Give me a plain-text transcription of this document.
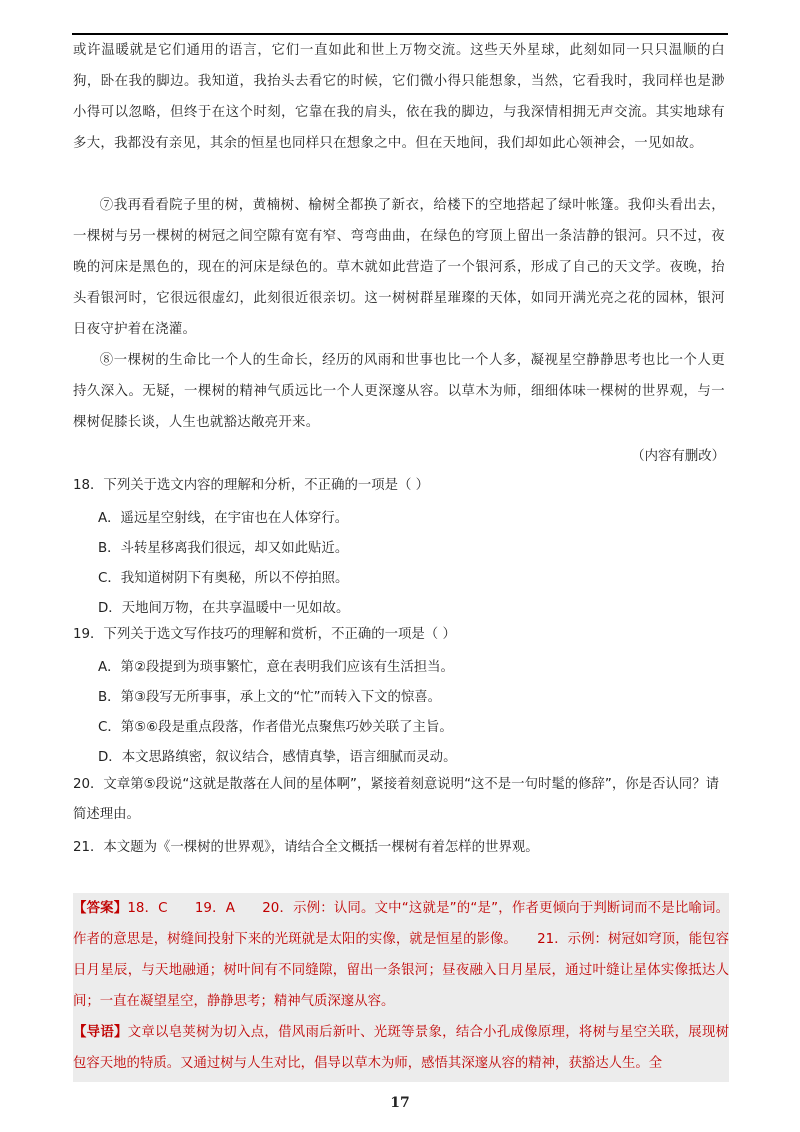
或许温暖就是它们通用的语言，它们一直如此和世上万物交流。这些天外星球，此刻如同一只只温顺的白狗，卧在我的脚边。我知道，我抬头去看它的时候，它们微小得只能想象，当然，它看我时，我同样也是渺小得可以忽略，但终于在这个时刻，它靠在我的肩头，依在我的脚边，与我深情相拥无声交流。其实地球有多大，我都没有亲见，其余的恒星也同样只在想象之中。但在天地间，我们却如此心领神会，一见如故。

⑦我再看看院子里的树，黄楠树、榆树全都换了新衣，给楼下的空地搭起了绿叶帐篷。我仰头看出去，一棵树与另一棵树的树冠之间空隙有宽有窄、弯弯曲曲，在绿色的穹顶上留出一条洁静的银河。只不过，夜晚的河床是黑色的，现在的河床是绿色的。草木就如此营造了一个银河系，形成了自己的天文学。夜晚，抬头看银河时，它很远很虚幻，此刻很近很亲切。这一树树群星璀璨的天体，如同开满光亮之花的园林，银河日夜守护着在浇灌。

⑧一棵树的生命比一个人的生命长，经历的风雨和世事也比一个人多，凝视星空静静思考也比一个人更持久深入。无疑，一棵树的精神气质远比一个人更深邃从容。以草木为师，细细体味一棵树的世界观，与一棵树促膝长谈，人生也就豁达敞亮开来。

（内容有删改）

18．下列关于选文内容的理解和分析，不正确的一项是（ ）

A．遥远星空射线，在宇宙也在人体穿行。
B．斗转星移离我们很远，却又如此贴近。
C．我知道树阴下有奥秘，所以不停拍照。
D．天地间万物，在共享温暖中一见如故。

19．下列关于选文写作技巧的理解和赏析，不正确的一项是（ ）

A．第②段提到为琐事繁忙，意在表明我们应该有生活担当。
B．第③段写无所事事，承上文的“忙”而转入下文的惊喜。
C．第⑤⑥段是重点段落，作者借光点聚焦巧妙关联了主旨。
D．本文思路缜密，叙议结合，感情真挚，语言细腻而灵动。

20．文章第⑤段说“这就是散落在人间的星体啊”，紧接着刻意说明“这不是一句时髦的修辞”，你是否认同？请简述理由。

21．本文题为《一棵树的世界观》，请结合全文概括一棵树有着怎样的世界观。

【答案】18．C　　19．A　　20．示例：认同。文中“这就是”的“是”，作者更倾向于判断词而不是比喻词。作者的意思是，树缝间投射下来的光斑就是太阳的实像，就是恒星的影像。　　21．示例：树冠如穹顶，能包容日月星辰，与天地融通；树叶间有不同缝隙，留出一条银河；昼夜融入日月星辰，通过叶缝让星体实像抵达人间；一直在凝望星空，静静思考；精神气质深邃从容。

【导语】文章以皂荚树为切入点，借风雨后新叶、光斑等景象，结合小孔成像原理，将树与星空关联，展现树包容天地的特质。又通过树与人生对比，倡导以草木为师，感悟其深邃从容的精神，获豁达人生。全

17
